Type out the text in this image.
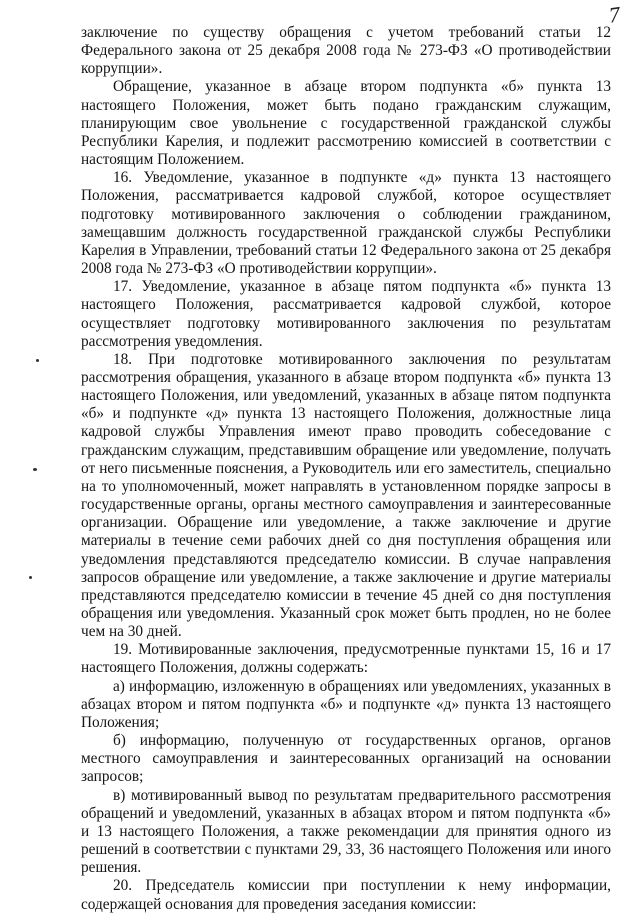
7

заключение по существу обращения с учетом требований статьи 12 Федерального закона от 25 декабря 2008 года № 273-ФЗ «О противодействии коррупции».

Обращение, указанное в абзаце втором подпункта «б» пункта 13 настоящего Положения, может быть подано гражданским служащим, планирующим свое увольнение с государственной гражданской службы Республики Карелия, и подлежит рассмотрению комиссией в соответствии с настоящим Положением.

16. Уведомление, указанное в подпункте «д» пункта 13 настоящего Положения, рассматривается кадровой службой, которое осуществляет подготовку мотивированного заключения о соблюдении гражданином, замещавшим должность государственной гражданской службы Республики Карелия в Управлении, требований статьи 12 Федерального закона от 25 декабря 2008 года № 273-ФЗ «О противодействии коррупции».

17. Уведомление, указанное в абзаце пятом подпункта «б» пункта 13 настоящего Положения, рассматривается кадровой службой, которое осуществляет подготовку мотивированного заключения по результатам рассмотрения уведомления.

18. При подготовке мотивированного заключения по результатам рассмотрения обращения, указанного в абзаце втором подпункта «б» пункта 13 настоящего Положения, или уведомлений, указанных в абзаце пятом подпункта «б» и подпункте «д» пункта 13 настоящего Положения, должностные лица кадровой службы Управления имеют право проводить собеседование с гражданским служащим, представившим обращение или уведомление, получать от него письменные пояснения, а Руководитель или его заместитель, специально на то уполномоченный, может направлять в установленном порядке запросы в государственные органы, органы местного самоуправления и заинтересованные организации. Обращение или уведомление, а также заключение и другие материалы в течение семи рабочих дней со дня поступления обращения или уведомления представляются председателю комиссии. В случае направления запросов обращение или уведомление, а также заключение и другие материалы представляются председателю комиссии в течение 45 дней со дня поступления обращения или уведомления. Указанный срок может быть продлен, но не более чем на 30 дней.

19. Мотивированные заключения, предусмотренные пунктами 15, 16 и 17 настоящего Положения, должны содержать:

а) информацию, изложенную в обращениях или уведомлениях, указанных в абзацах втором и пятом подпункта «б» и подпункте «д» пункта 13 настоящего Положения;

б) информацию, полученную от государственных органов, органов местного самоуправления и заинтересованных организаций на основании запросов;

в) мотивированный вывод по результатам предварительного рассмотрения обращений и уведомлений, указанных в абзацах втором и пятом подпункта «б» и 13 настоящего Положения, а также рекомендации для принятия одного из решений в соответствии с пунктами 29, 33, 36 настоящего Положения или иного решения.

20. Председатель комиссии при поступлении к нему информации, содержащей основания для проведения заседания комиссии:
